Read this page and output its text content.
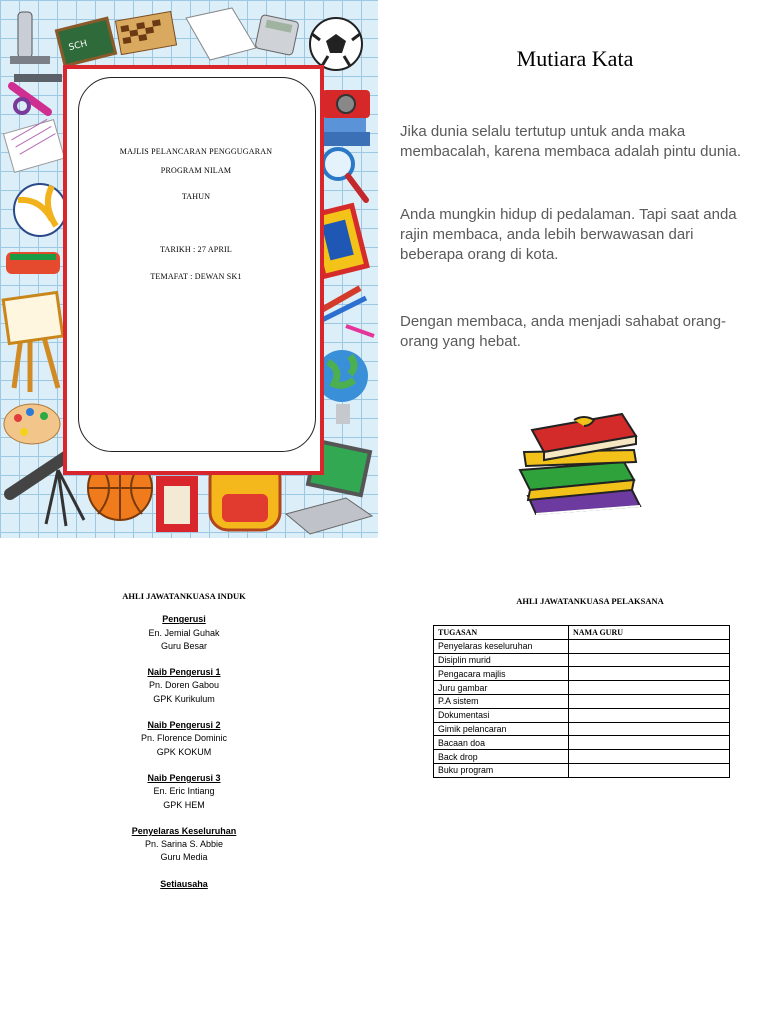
SCH
MAJLIS PELANCARAN PENGGUGARAN
PROGRAM NILAM
TAHUN
TARIKH : 27 APRIL
TEMAFAT : DEWAN SK1
Mutiara Kata
Jika dunia selalu tertutup untuk anda maka membacalah, karena membaca adalah pintu dunia.
Anda mungkin hidup di pedalaman. Tapi saat anda rajin membaca, anda lebih berwawasan dari beberapa orang di kota.
Dengan membaca, anda menjadi sahabat orang-orang yang hebat.
AHLI JAWATANKUASA INDUK
Pengerusi
En. Jemial Guhak
Guru Besar
Naib Pengerusi 1
Pn. Doren Gabou
GPK Kurikulum
Naib Pengerusi 2
Pn. Florence Dominic
GPK KOKUM
Naib Pengerusi 3
En. Eric Intiang
GPK HEM
Penyelaras Keseluruhan
Pn. Sarina S. Abbie
Guru Media
Setiausaha
AHLI JAWATANKUASA PELAKSANA
TUGASAN	NAMA GURU
Penyelaras keseluruhan	
Disiplin murid	
Pengacara majlis	
Juru gambar	
P.A sistem	
Dokumentasi	
Gimik pelancaran	
Bacaan doa	
Back drop	
Buku program	
